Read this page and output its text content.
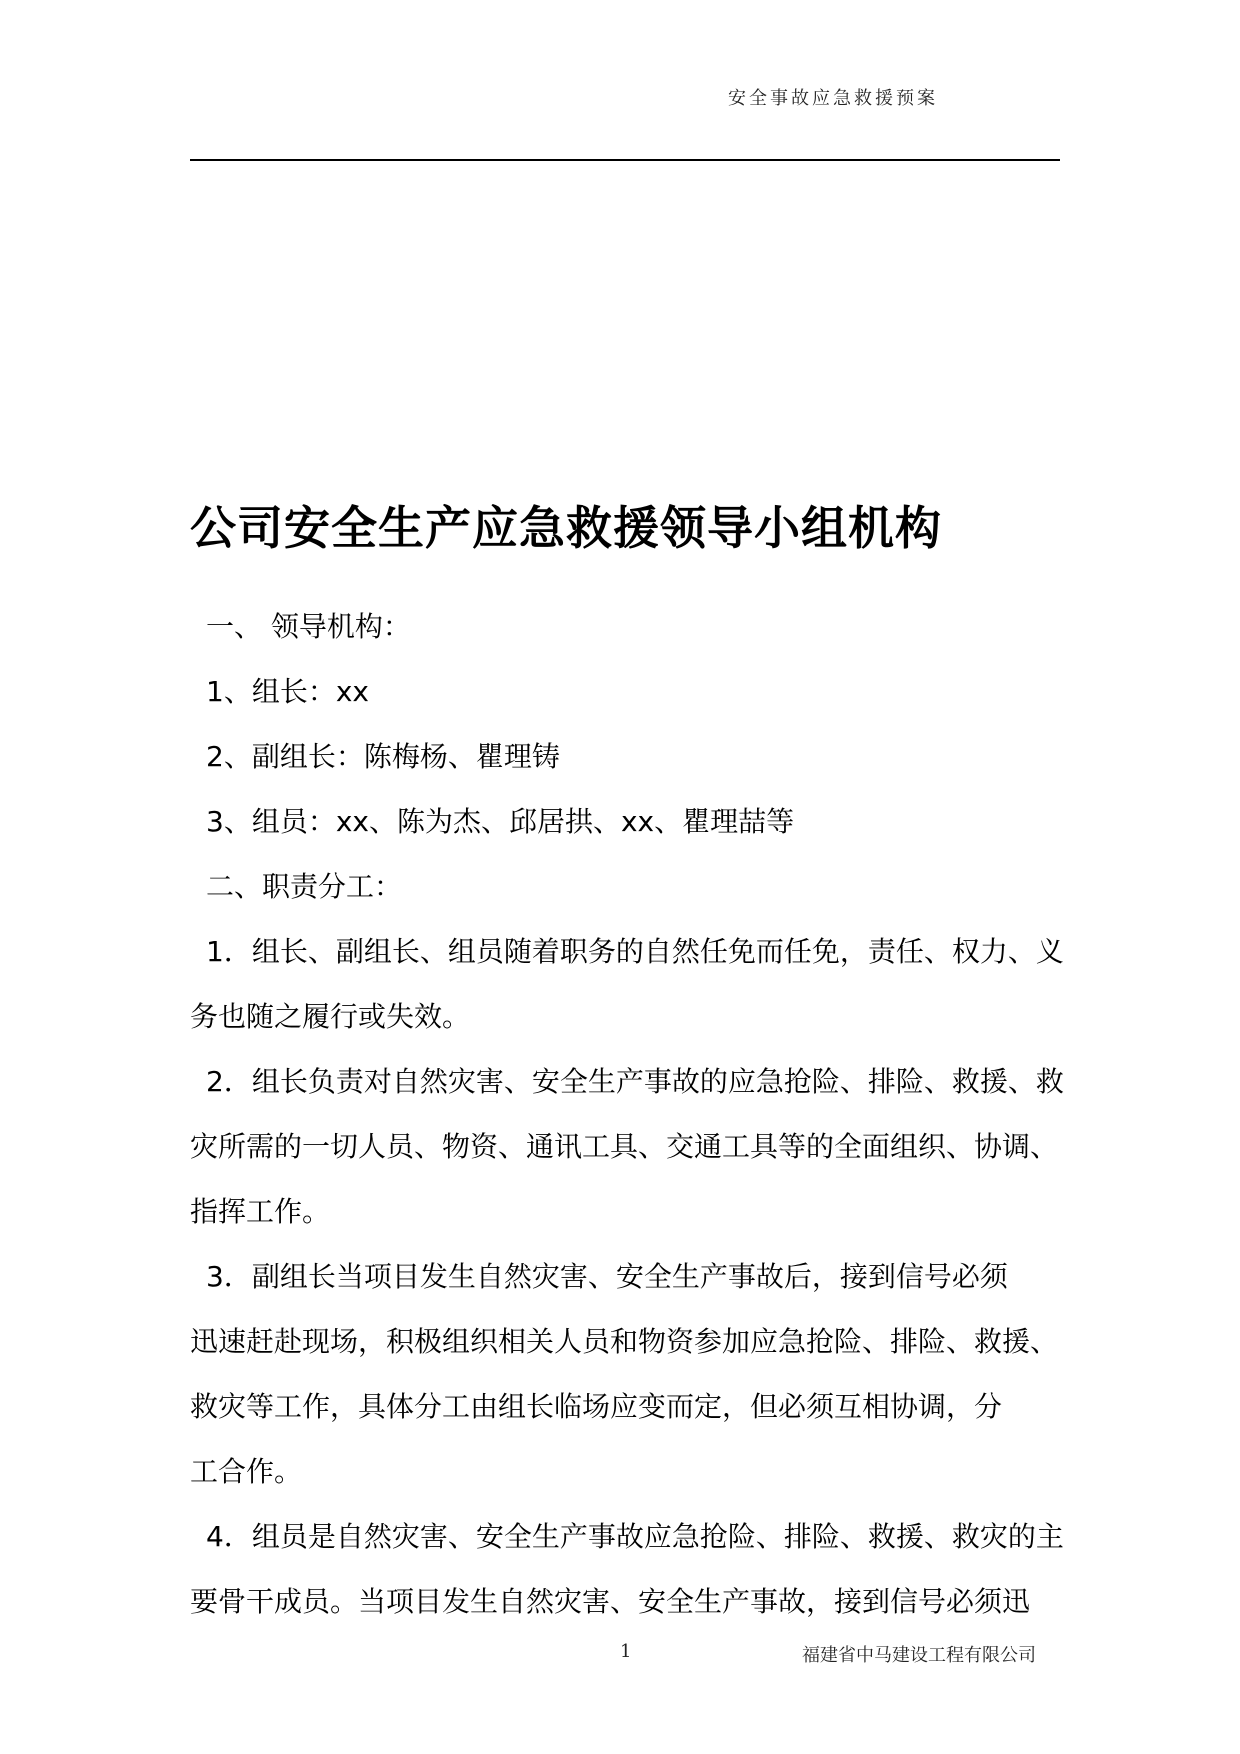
安全事故应急救援预案
公司安全生产应急救援领导小组机构
一、 领导机构：
1、组长：xx
2、副组长：陈梅杨、瞿理铸
3、组员：xx、陈为杰、邱居拱、xx、瞿理喆等
二、职责分工：
1．组长、副组长、组员随着职务的自然任免而任免，责任、权力、义
务也随之履行或失效。
2．组长负责对自然灾害、安全生产事故的应急抢险、排险、救援、救
灾所需的一切人员、物资、通讯工具、交通工具等的全面组织、协调、
指挥工作。
3．副组长当项目发生自然灾害、安全生产事故后，接到信号必须
迅速赶赴现场，积极组织相关人员和物资参加应急抢险、排险、救援、
救灾等工作，具体分工由组长临场应变而定，但必须互相协调，分
工合作。
4．组员是自然灾害、安全生产事故应急抢险、排险、救援、救灾的主
要骨干成员。当项目发生自然灾害、安全生产事故，接到信号必须迅
1	福建省中马建设工程有限公司
